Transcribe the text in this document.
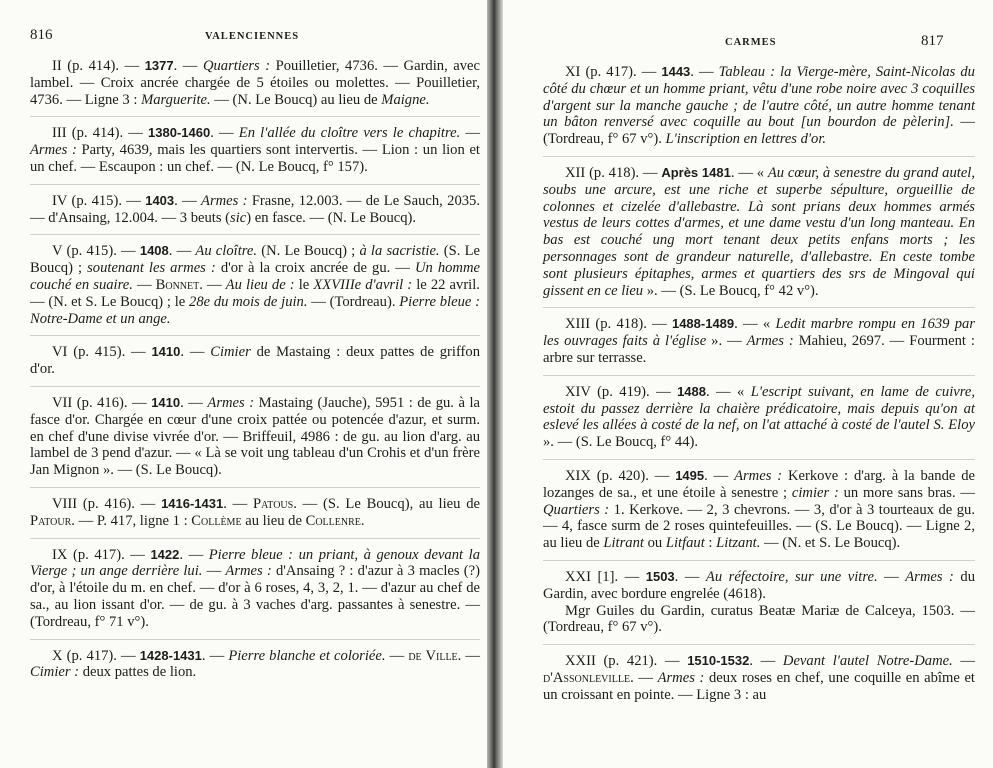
816	VALENCIENNES

II (p. 414). — 1377. — Quartiers : Pouilletier, 4736. — Gardin, avec lambel. — Croix ancrée chargée de 5 étoiles ou molettes. — Pouilletier, 4736. — Ligne 3 : Marguerite. — (N. Le Boucq) au lieu de Maigne.

III (p. 414). — 1380-1460. — En l'allée du cloître vers le chapitre. — Armes : Party, 4639, mais les quartiers sont intervertis. — Lion : un lion et un chef. — Escaupon : un chef. — (N. Le Boucq, f° 157).

IV (p. 415). — 1403. — Armes : Frasne, 12.003. — de Le Sauch, 2035. — d'Ansaing, 12.004. — 3 beuts (sic) en fasce. — (N. Le Boucq).

V (p. 415). — 1408. — Au cloître. (N. Le Boucq) ; à la sacristie. (S. Le Boucq) ; soutenant les armes : d'or à la croix ancrée de gu. — Un homme couché en suaire. — Bonnet. — Au lieu de : le XXVIIIe d'avril : le 22 avril. — (N. et S. Le Boucq) ; le 28e du mois de juin. — (Tordreau). Pierre bleue : Notre-Dame et un ange.

VI (p. 415). — 1410. — Cimier de Mastaing : deux pattes de griffon d'or.

VII (p. 416). — 1410. — Armes : Mastaing (Jauche), 5951 : de gu. à la fasce d'or. Chargée en cœur d'une croix pattée ou potencée d'azur, et surm. en chef d'une divise vivrée d'or. — Briffeuil, 4986 : de gu. au lion d'arg. au lambel de 3 pend d'azur. — « Là se voit ung tableau d'un Crohis et d'un frère Jan Mignon ». — (S. Le Boucq).

VIII (p. 416). — 1416-1431. — Patous. — (S. Le Boucq), au lieu de Patour. — P. 417, ligne 1 : Collème au lieu de Collenre.

IX (p. 417). — 1422. — Pierre bleue : un priant, à genoux devant la Vierge ; un ange derrière lui. — Armes : d'Ansaing ? : d'azur à 3 macles (?) d'or, à l'étoile du m. en chef. — d'or à 6 roses, 4, 3, 2, 1. — d'azur au chef de sa., au lion issant d'or. — de gu. à 3 vaches d'arg. passantes à senestre. — (Tordreau, f° 71 v°).

X (p. 417). — 1428-1431. — Pierre blanche et coloriée. — de Ville. — Cimier : deux pattes de lion.

CARMES	817

XI (p. 417). — 1443. — Tableau : la Vierge-mère, Saint-Nicolas du côté du chœur et un homme priant, vêtu d'une robe noire avec 3 coquilles d'argent sur la manche gauche ; de l'autre côté, un autre homme tenant un bâton renversé avec coquille au bout [un bourdon de pèlerin]. — (Tordreau, f° 67 v°). L'inscription en lettres d'or.

XII (p. 418). — Après 1481. — « Au cœur, à senestre du grand autel, soubs une arcure, est une riche et superbe sépulture, orgueillie de colonnes et cizelée d'allebastre. Là sont prians deux hommes armés vestus de leurs cottes d'armes, et une dame vestu d'un long manteau. En bas est couché ung mort tenant deux petits enfans morts ; les personnages sont de grandeur naturelle, d'allebastre. En ceste tombe sont plusieurs épitaphes, armes et quartiers des srs de Mingoval qui gissent en ce lieu ». — (S. Le Boucq, f° 42 v°).

XIII (p. 418). — 1488-1489. — « Ledit marbre rompu en 1639 par les ouvrages faits à l'église ». — Armes : Mahieu, 2697. — Fourment : arbre sur terrasse.

XIV (p. 419). — 1488. — « L'escript suivant, en lame de cuivre, estoit du passez derrière la chaière prédicatoire, mais depuis qu'on at eslevé les allées à costé de la nef, on l'at attaché à costé de l'autel S. Eloy ». — (S. Le Boucq, f° 44).

XIX (p. 420). — 1495. — Armes : Kerkove : d'arg. à la bande de lozanges de sa., et une étoile à senestre ; cimier : un more sans bras. — Quartiers : 1. Kerkove. — 2, 3 chevrons. — 3, d'or à 3 tourteaux de gu. — 4, fasce surm de 2 roses quintefeuilles. — (S. Le Boucq). — Ligne 2, au lieu de Litrant ou Litfaut : Litzant. — (N. et S. Le Boucq).

XXI [1]. — 1503. — Au réfectoire, sur une vitre. — Armes : du Gardin, avec bordure engrelée (4618).

Mgr Guiles du Gardin, curatus Beatæ Mariæ de Calceya, 1503. — (Tordreau, f° 67 v°).

XXII (p. 421). — 1510-1532. — Devant l'autel Notre-Dame. — d'Assonleville. — Armes : deux roses en chef, une coquille en abîme et un croissant en pointe. — Ligne 3 : au
